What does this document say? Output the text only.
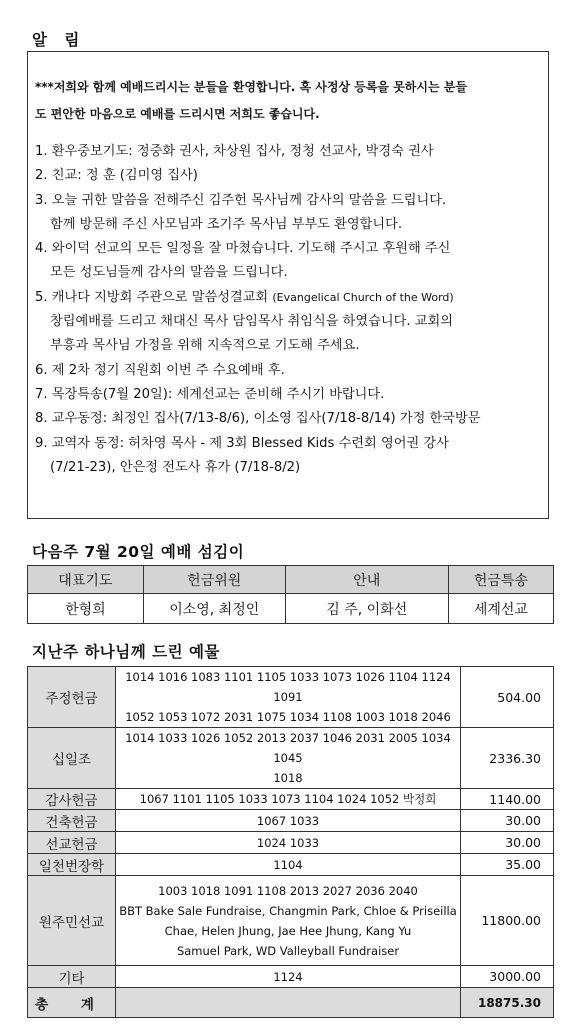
알 림
***저희와 함께 예배드리시는 분들을 환영합니다. 혹 사정상 등록을 못하시는 분들
도 편안한 마음으로 예배를 드리시면 저희도 좋습니다.
1. 환우중보기도: 정중화 권사, 차상원 집사, 정청 선교사, 박경숙 권사
2. 친교: 정 훈 (김미영 집사)
3. 오늘 귀한 말씀을 전해주신 김주헌 목사님께 감사의 말씀을 드립니다.
함께 방문해 주신 사모님과 조기주 목사님 부부도 환영합니다.
4. 와이덕 선교의 모든 일정을 잘 마쳤습니다. 기도해 주시고 후원해 주신
모든 성도님들께 감사의 말씀을 드립니다.
5. 캐나다 지방회 주관으로 말씀성결교회 (Evangelical Church of the Word)
창립예배를 드리고 채대신 목사 담임목사 취임식을 하였습니다. 교회의
부흥과 목사님 가정을 위해 지속적으로 기도해 주세요.
6. 제 2차 정기 직원회 이번 주 수요예배 후.
7. 목장특송(7월 20일): 세계선교는 준비해 주시기 바랍니다.
8. 교우동정: 최정인 집사(7/13-8/6), 이소영 집사(7/18-8/14) 가정 한국방문
9. 교역자 동정: 허차영 목사 - 제 3회 Blessed Kids 수련회 영어권 강사
(7/21-23), 안은정 전도사 휴가 (7/18-8/2)
다음주 7월 20일 예배 섬김이
대표기도	헌금위원	안내	헌금특송
한형희	이소영, 최정인	김 주, 이화선	세계선교
지난주 하나님께 드린 예물
주정헌금	1014 1016 1083 1101 1105 1033 1073 1026 1104 1124 1091
1052 1053 1072 2031 1075 1034 1108 1003 1018 2046	504.00
십일조	1014 1033 1026 1052 2013 2037 1046 2031 2005 1034 1045
1018	2336.30
감사헌금	1067 1101 1105 1033 1073 1104 1024 1052 박정희	1140.00
건축헌금	1067 1033	30.00
선교헌금	1024 1033	30.00
일천번장학	1104	35.00
원주민선교	1003 1018 1091 1108 2013 2027 2036 2040
BBT Bake Sale Fundraise, Changmin Park, Chloe & Priseilla
Chae, Helen Jhung, Jae Hee Jhung, Kang Yu
Samuel Park, WD Valleyball Fundraiser	11800.00
기타	1124	3000.00
총 계		18875.30
